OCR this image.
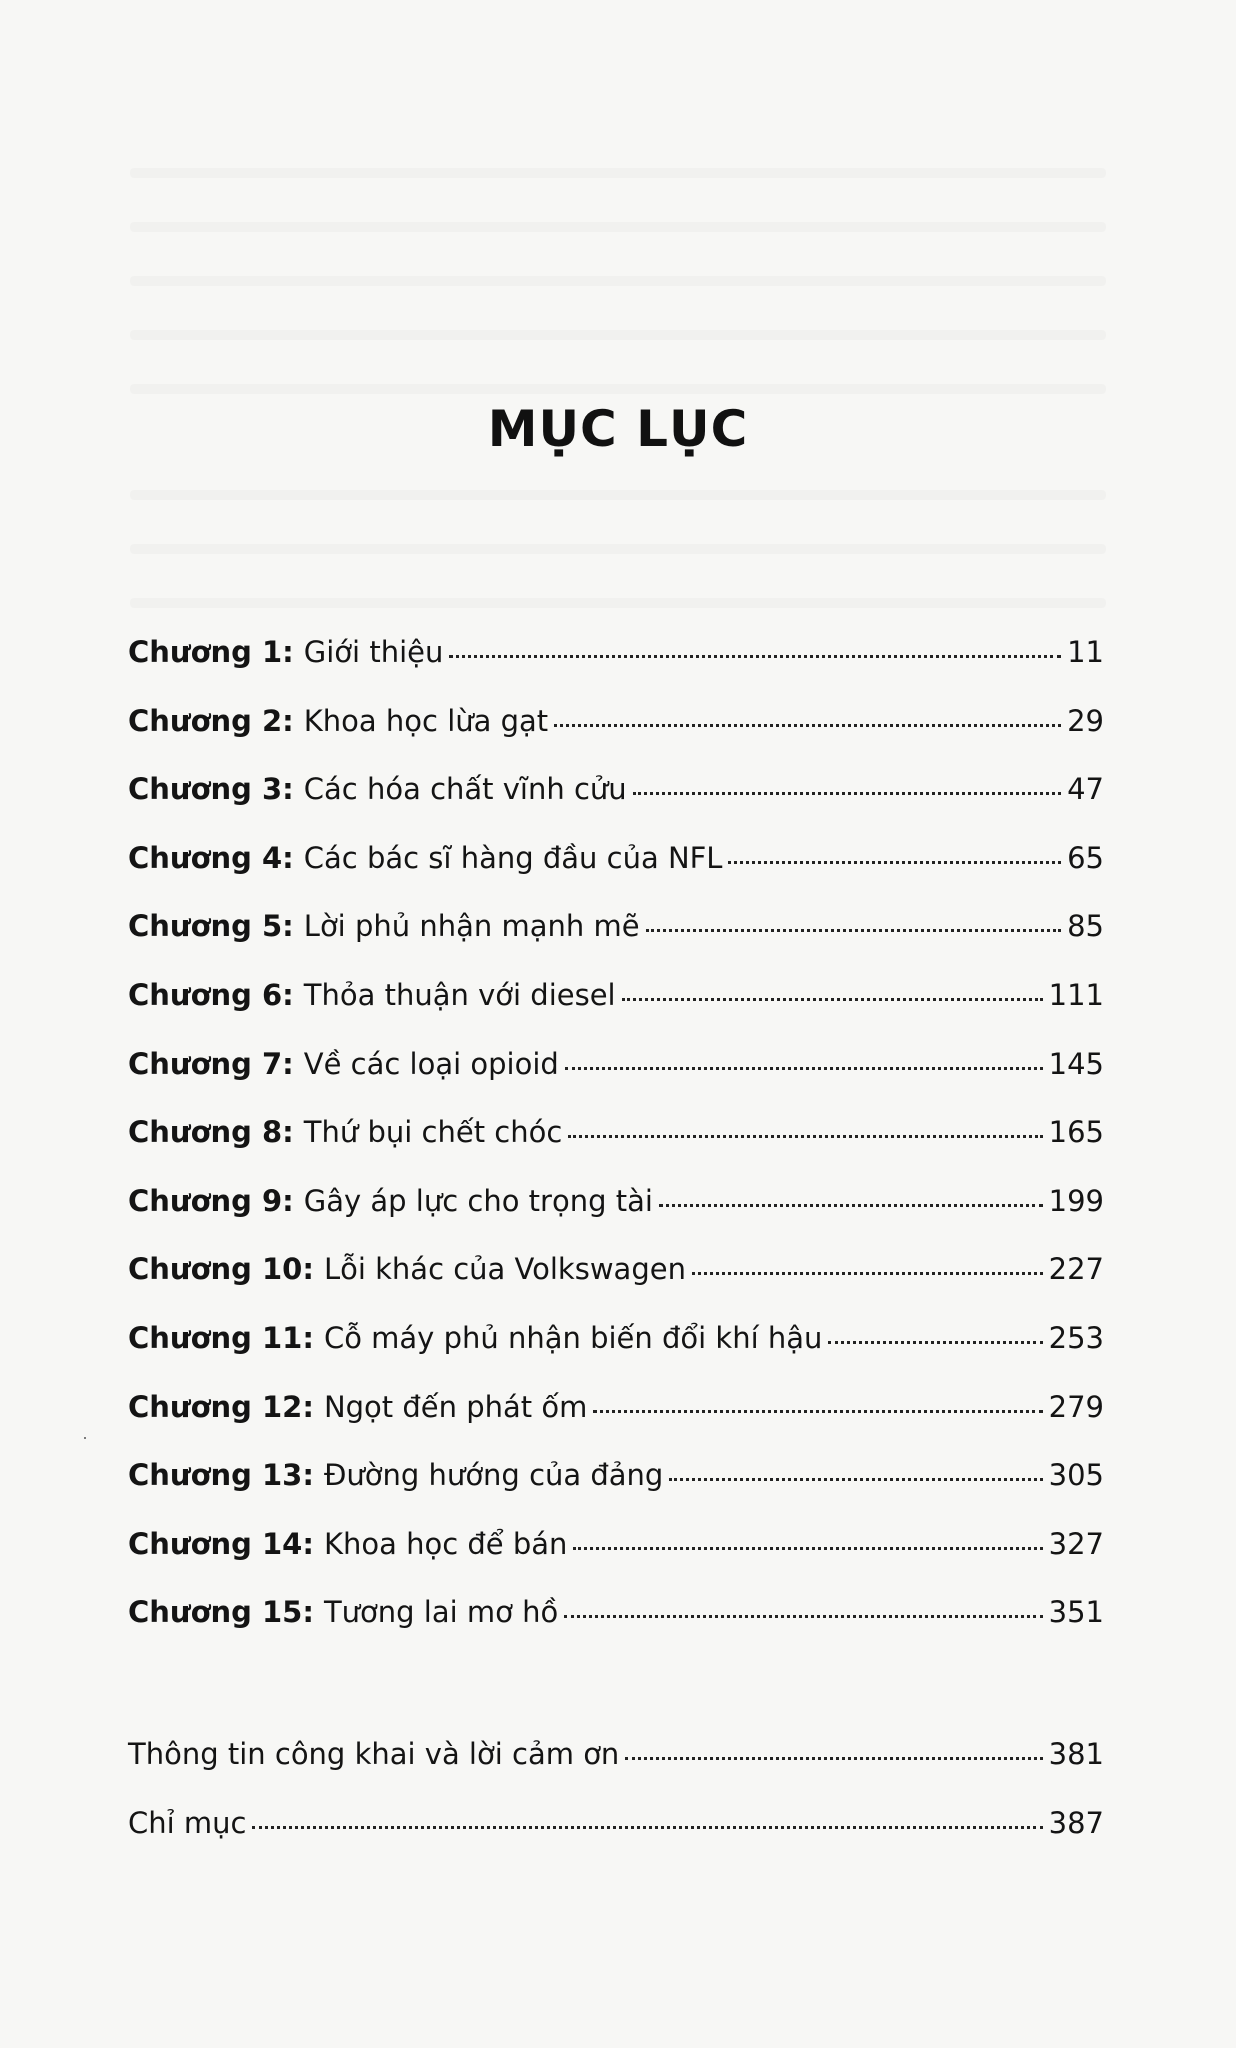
MỤC LỤC
Chương 1: Giới thiệu	11
Chương 2: Khoa học lừa gạt	29
Chương 3: Các hóa chất vĩnh cửu	47
Chương 4: Các bác sĩ hàng đầu của NFL	65
Chương 5: Lời phủ nhận mạnh mẽ	85
Chương 6: Thỏa thuận với diesel	111
Chương 7: Về các loại opioid	145
Chương 8: Thứ bụi chết chóc	165
Chương 9: Gây áp lực cho trọng tài	199
Chương 10: Lỗi khác của Volkswagen	227
Chương 11: Cỗ máy phủ nhận biến đổi khí hậu	253
Chương 12: Ngọt đến phát ốm	279
Chương 13: Đường hướng của đảng	305
Chương 14: Khoa học để bán	327
Chương 15: Tương lai mơ hồ	351
Thông tin công khai và lời cảm ơn	381
Chỉ mục	387
